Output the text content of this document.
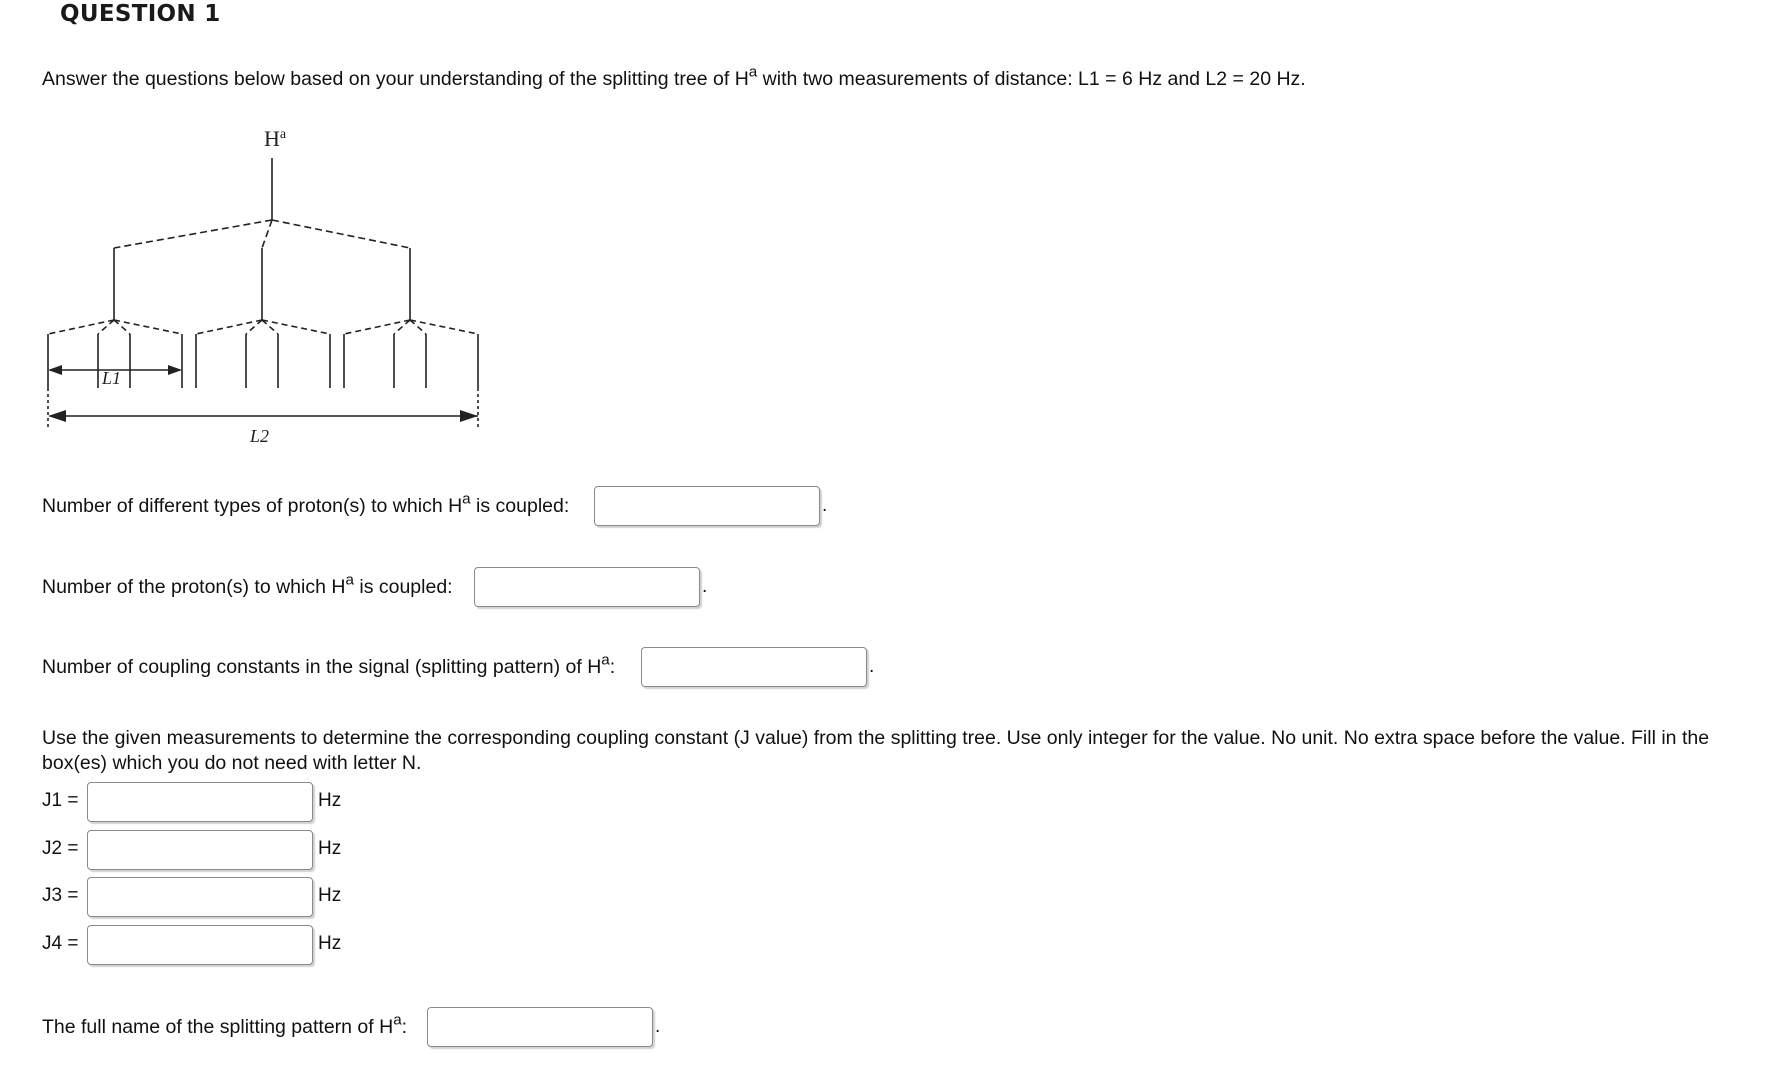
QUESTION 1
Answer the questions below based on your understanding of the splitting tree of $H^a$ with two measurements of distance: L1 = 6 Hz and L2 = 20 Hz.
$H^a$
L1
L2
Number of different types of proton(s) to which $H^a$ is coupled:	.
Number of the proton(s) to which $H^a$ is coupled:	.
Number of coupling constants in the signal (splitting pattern) of $H^a$:	.
Use the given measurements to determine the corresponding coupling constant (J value) from the splitting tree. Use only integer for the value. No unit. No extra space before the value. Fill in the box(es) which you do not need with letter N.
J1 =	Hz
J2 =	Hz
J3 =	Hz
J4 =	Hz
The full name of the splitting pattern of $H^a$:	.
